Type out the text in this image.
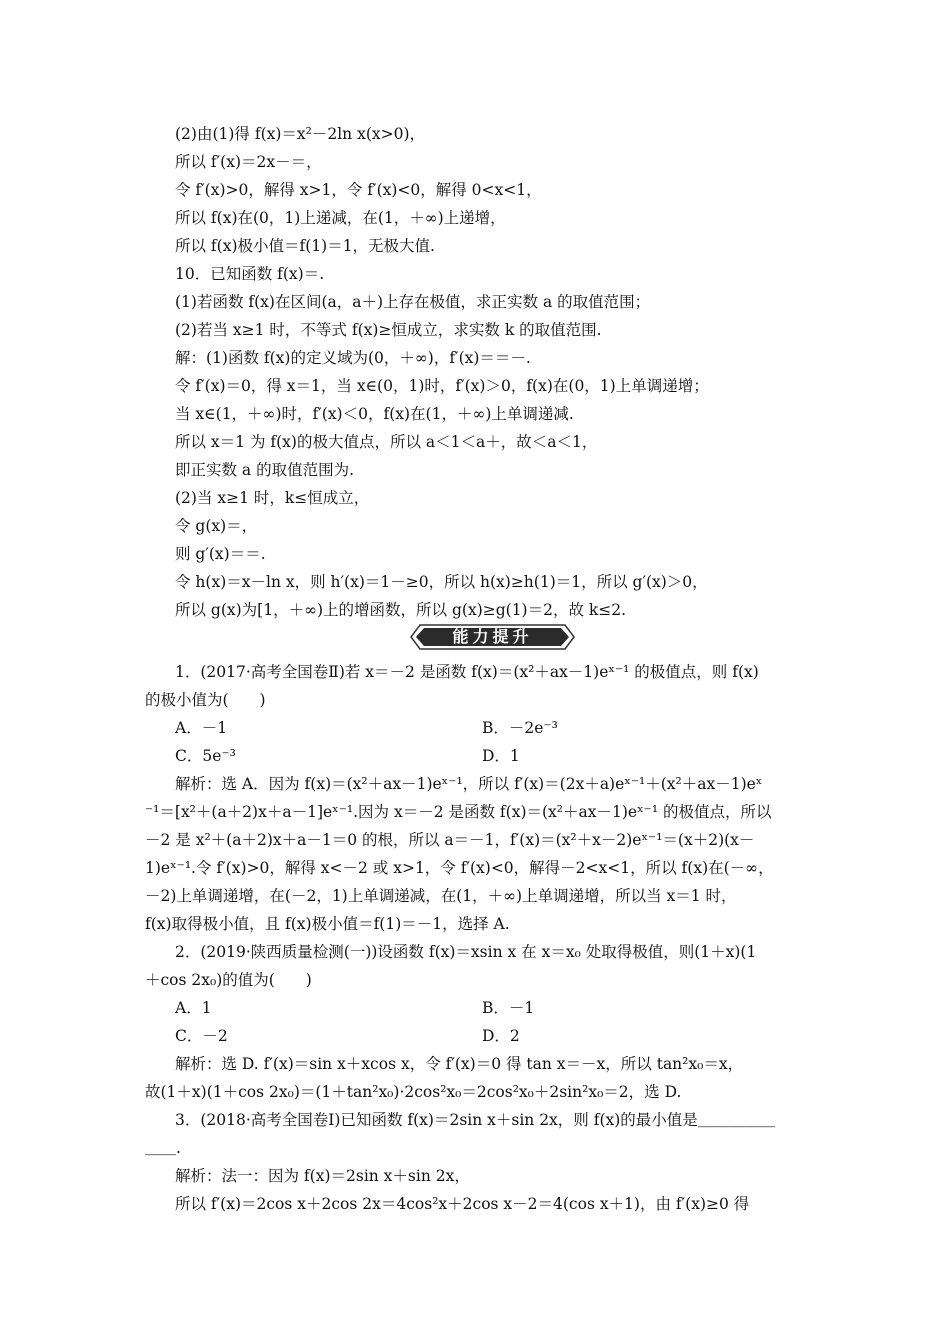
(2)由(1)得 f(x)＝x²－2ln x(x>0)，
所以 f′(x)＝2x－＝，
令 f′(x)>0，解得 x>1，令 f′(x)<0，解得 0<x<1，
所以 f(x)在(0，1)上递减，在(1，＋∞)上递增，
所以 f(x)极小值＝f(1)＝1，无极大值.
10．已知函数 f(x)＝.
(1)若函数 f(x)在区间(a，a＋)上存在极值，求正实数 a 的取值范围；
(2)若当 x≥1 时，不等式 f(x)≥恒成立，求实数 k 的取值范围.
解：(1)函数 f(x)的定义域为(0，＋∞)，f′(x)＝＝－.
令 f′(x)＝0，得 x＝1，当 x∈(0，1)时，f′(x)＞0，f(x)在(0，1)上单调递增；
当 x∈(1，＋∞)时，f′(x)＜0，f(x)在(1，＋∞)上单调递减.
所以 x＝1 为 f(x)的极大值点，所以 a＜1＜a＋，故＜a＜1，
即正实数 a 的取值范围为.
(2)当 x≥1 时，k≤恒成立，
令 g(x)＝，
则 g′(x)＝＝.
令 h(x)＝x－ln x，则 h′(x)＝1－≥0，所以 h(x)≥h(1)＝1，所以 g′(x)＞0，
所以 g(x)为[1，＋∞)上的增函数，所以 g(x)≥g(1)＝2，故 k≤2.
能力提升
1．(2017·高考全国卷Ⅱ)若 x＝－2 是函数 f(x)＝(x²＋ax－1)eˣ⁻¹ 的极值点，则 f(x)
的极小值为(　　)
A．－1	B．－2e⁻³
C．5e⁻³	D．1
解析：选 A．因为 f(x)＝(x²＋ax－1)eˣ⁻¹，所以 f′(x)＝(2x＋a)eˣ⁻¹＋(x²＋ax－1)eˣ
⁻¹＝[x²＋(a＋2)x＋a－1]eˣ⁻¹.因为 x＝－2 是函数 f(x)＝(x²＋ax－1)eˣ⁻¹ 的极值点，所以
－2 是 x²＋(a＋2)x＋a－1＝0 的根，所以 a＝－1，f′(x)＝(x²＋x－2)eˣ⁻¹＝(x＋2)(x－
1)eˣ⁻¹.令 f′(x)>0，解得 x<－2 或 x>1，令 f′(x)<0，解得－2<x<1，所以 f(x)在(－∞，
－2)上单调递增，在(－2，1)上单调递减，在(1，＋∞)上单调递增，所以当 x＝1 时，
f(x)取得极小值，且 f(x)极小值＝f(1)＝－1，选择 A.
2．(2019·陕西质量检测(一))设函数 f(x)＝xsin x 在 x＝x₀ 处取得极值，则(1＋x)(1
＋cos 2x₀)的值为(　　)
A．1	B．－1
C．－2	D．2
解析：选 D. f′(x)＝sin x＋xcos x，令 f′(x)＝0 得 tan x＝－x，所以 tan²x₀＝x，
故(1＋x)(1＋cos 2x₀)＝(1＋tan²x₀)·2cos²x₀＝2cos²x₀＋2sin²x₀＝2，选 D.
3．(2018·高考全国卷Ⅰ)已知函数 f(x)＝2sin x＋sin 2x，则 f(x)的最小值是＿＿＿＿＿
＿＿.
解析：法一：因为 f(x)＝2sin x＋sin 2x，
所以 f′(x)＝2cos x＋2cos 2x＝4cos²x＋2cos x－2＝4(cos x＋1)，由 f′(x)≥0 得
